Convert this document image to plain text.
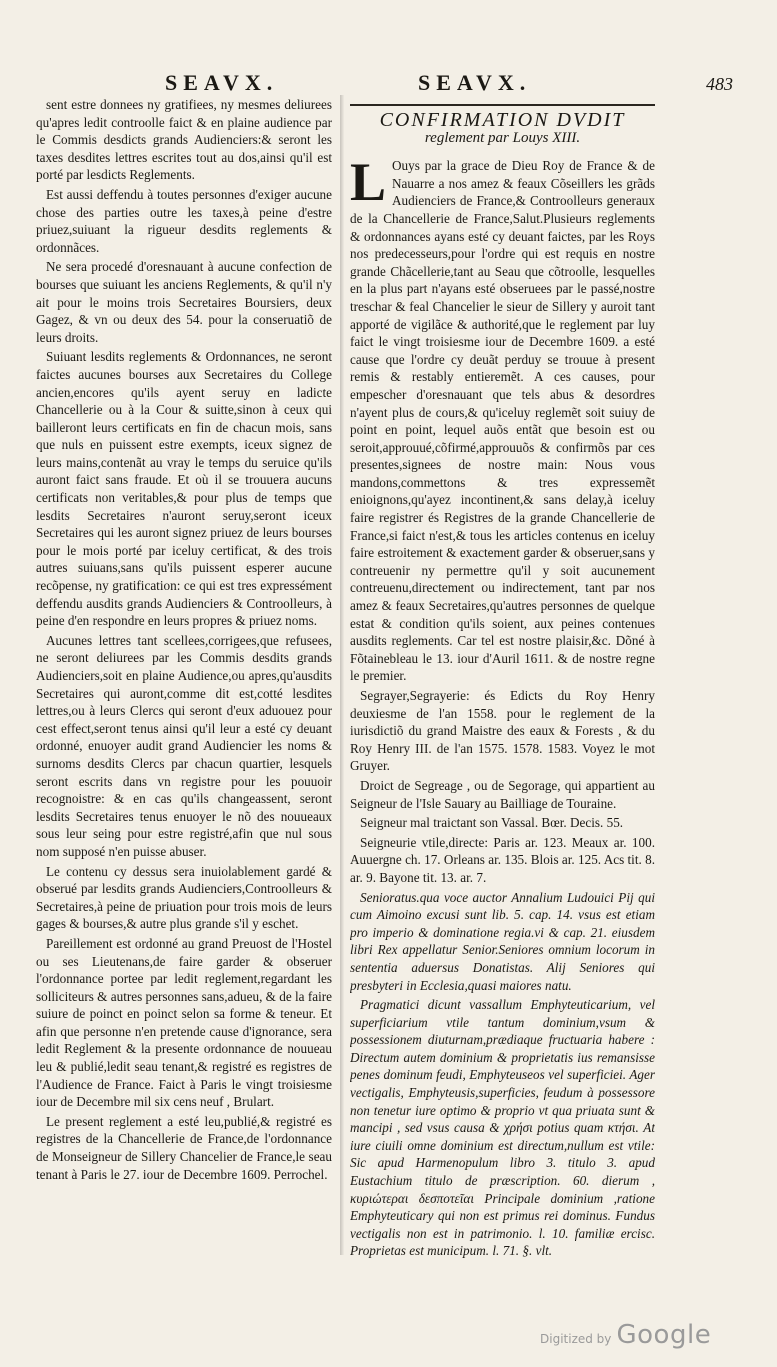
SEAVX.	SEAVX.	483

sent estre donnees ny gratifiees, ny mesmes deliurees qu'apres ledit controolle faict & en plaine audience par le Commis desdicts grands Audienciers:& seront les taxes desdites lettres escrites tout au dos,ainsi qu'il est porté par lesdicts Reglements.

Est aussi deffendu à toutes personnes d'exiger aucune chose des parties outre les taxes,à peine d'estre priuez,suiuant la rigueur desdits reglements & ordonnãces.

Ne sera procedé d'oresnauant à aucune confection de bourses que suiuant les anciens Reglements, & qu'il n'y ait pour le moins trois Secretaires Boursiers, deux Gagez, & vn ou deux des 54. pour la conseruatiõ de leurs droits.

Suiuant lesdits reglements & Ordonnances, ne seront faictes aucunes bourses aux Secretaires du College ancien,encores qu'ils ayent seruy en ladicte Chancellerie ou à la Cour & suitte,sinon à ceux qui bailleront leurs certificats en fin de chacun mois, sans que nuls en puissent estre exempts, iceux signez de leurs mains,contenãt au vray le temps du seruice qu'ils auront faict sans fraude. Et où il se trouuera aucuns certificats non veritables,& pour plus de temps que lesdits Secretaires n'auront seruy,seront iceux Secretaires qui les auront signez priuez de leurs bourses pour le mois porté par iceluy certificat, & des trois autres suiuans,sans qu'ils puissent esperer aucune recõpense, ny gratification: ce qui est tres expressément deffendu ausdits grands Audienciers & Controolleurs, à peine d'en respondre en leurs propres & priuez noms.

Aucunes lettres tant scellees,corrigees,que refusees, ne seront deliurees par les Commis desdits grands Audienciers,soit en plaine Audience,ou apres,qu'ausdits Secretaires qui auront,comme dit est,cotté lesdites lettres,ou à leurs Clercs qui seront d'eux aduouez pour cest effect,seront tenus ainsi qu'il leur a esté cy deuant ordonné, enuoyer audit grand Audiencier les noms & surnoms desdits Clercs par chacun quartier, lesquels seront escrits dans vn registre pour les pouuoir recognoistre: & en cas qu'ils changeassent, seront lesdits Secretaires tenus enuoyer le nõ des nouueaux sous leur seing pour estre registré,afin que nul sous nom supposé n'en puisse abuser.

Le contenu cy dessus sera inuiolablement gardé & obserué par lesdits grands Audienciers,Controolleurs & Secretaires,à peine de priuation pour trois mois de leurs gages & bourses,& autre plus grande s'il y eschet.

Pareillement est ordonné au grand Preuost de l'Hostel ou ses Lieutenans,de faire garder & obseruer l'ordonnance portee par ledit reglement,regardant les solliciteurs & autres personnes sans,adueu, & de la faire suiure de poinct en poinct selon sa forme & teneur. Et afin que personne n'en pretende cause d'ignorance, sera ledit Reglement & la presente ordonnance de nouueau leu & publié,ledit seau tenant,& registré es registres de l'Audience de France. Faict à Paris le vingt troisiesme iour de Decembre mil six cens neuf , Brulart.

Le present reglement a esté leu,publié,& registré es registres de la Chancellerie de France,de l'ordonnance de Monseigneur de Sillery Chancelier de France,le seau tenant à Paris le 27. iour de Decembre 1609. Perrochel.

CONFIRMATION DVDIT
reglement par Louys XIII.

L Ouys par la grace de Dieu Roy de France & de Nauarre a nos amez & feaux Cõseillers les grãds Audienciers de France,& Controolleurs generaux de la Chancellerie de France,Salut.Plusieurs reglements & ordonnances ayans esté cy deuant faictes, par les Roys nos predecesseurs,pour l'ordre qui est requis en nostre grande Chãcellerie,tant au Seau que cõtroolle, lesquelles en la plus part n'ayans esté obseruees par le passé,nostre treschar & feal Chancelier le sieur de Sillery y auroit tant apporté de vigilãce & authorité,que le reglement par luy faict le vingt troisiesme iour de Decembre 1609. a esté cause que l'ordre cy deuãt perduy se trouue à present remis & restably entieremẽt. A ces causes, pour empescher d'oresnauant que tels abus & desordres n'ayent plus de cours,& qu'iceluy reglemẽt soit suiuy de point en point, lequel auõs entãt que besoin est ou seroit,approuué,cõfirmé,approuuõs & confirmõs par ces presentes,signees de nostre main: Nous vous mandons,commettons & tres expressemẽt enioignons,qu'ayez incontinent,& sans delay,à iceluy faire registrer és Registres de la grande Chancellerie de France,si faict n'est,& tous les articles contenus en iceluy faire estroitement & exactement garder & obseruer,sans y contreuenir ny permettre qu'il y soit aucunement contreuenu,directement ou indirectement, tant par nos amez & feaux Secretaires,qu'autres personnes de quelque estat & condition qu'ils soient, aux peines contenues ausdits reglements. Car tel est nostre plaisir,&c. Dõné à Fõtainebleau le 13. iour d'Auril 1611. & de nostre regne le premier.

Segrayer,Segrayerie: és Edicts du Roy Henry deuxiesme de l'an 1558. pour le reglement de la iurisdictiõ du grand Maistre des eaux & Forests , & du Roy Henry III. de l'an 1575. 1578. 1583. Voyez le mot Gruyer.

Droict de Segreage , ou de Segorage, qui appartient au Seigneur de l'Isle Sauary au Bailliage de Touraine.

Seigneur mal traictant son Vassal. Bœr. Decis. 55.

Seigneurie vtile,directe: Paris ar. 123. Meaux ar. 100. Auuergne ch. 17. Orleans ar. 135. Blois ar. 125. Acs tit. 8. ar. 9. Bayone tit. 13. ar. 7.

Senioratus.qua voce auctor Annalium Ludouici Pij qui cum Aimoino excusi sunt lib. 5. cap. 14. vsus est etiam pro imperio & dominatione regia.vi & cap. 21. eiusdem libri Rex appellatur Senior.Seniores omnium locorum in sententia aduersus Donatistas. Alij Seniores qui presbyteri in Ecclesia,quasi maiores natu.

Pragmatici dicunt vassallum Emphyteuticarium, vel superficiarium vtile tantum dominium,vsum & possessionem diuturnam,prædiaque fructuaria habere : Directum autem dominium & proprietatis ius remansisse penes dominum feudi, Emphyteuseos vel superficiei. Ager vectigalis, Emphyteusis,superficies, feudum à possessore non tenetur iure optimo & proprio vt qua priuata sunt & mancipi , sed vsus causa & χρήσι potius quam κτήσι. At iure ciuili omne dominium est directum,nullum est vtile: Sic apud Harmenopulum libro 3. titulo 3. apud Eustachium titulo de præscription. 60. dierum , κυριώτεραι δεσποτεῖαι Principale dominium ,ratione Emphyteuticary qui non est primus rei dominus. Fundus vectigalis non est in patrimonio. l. 10. familiæ ercisc. Proprietas est municipum. l. 71. §. vlt.

Digitized by Google
